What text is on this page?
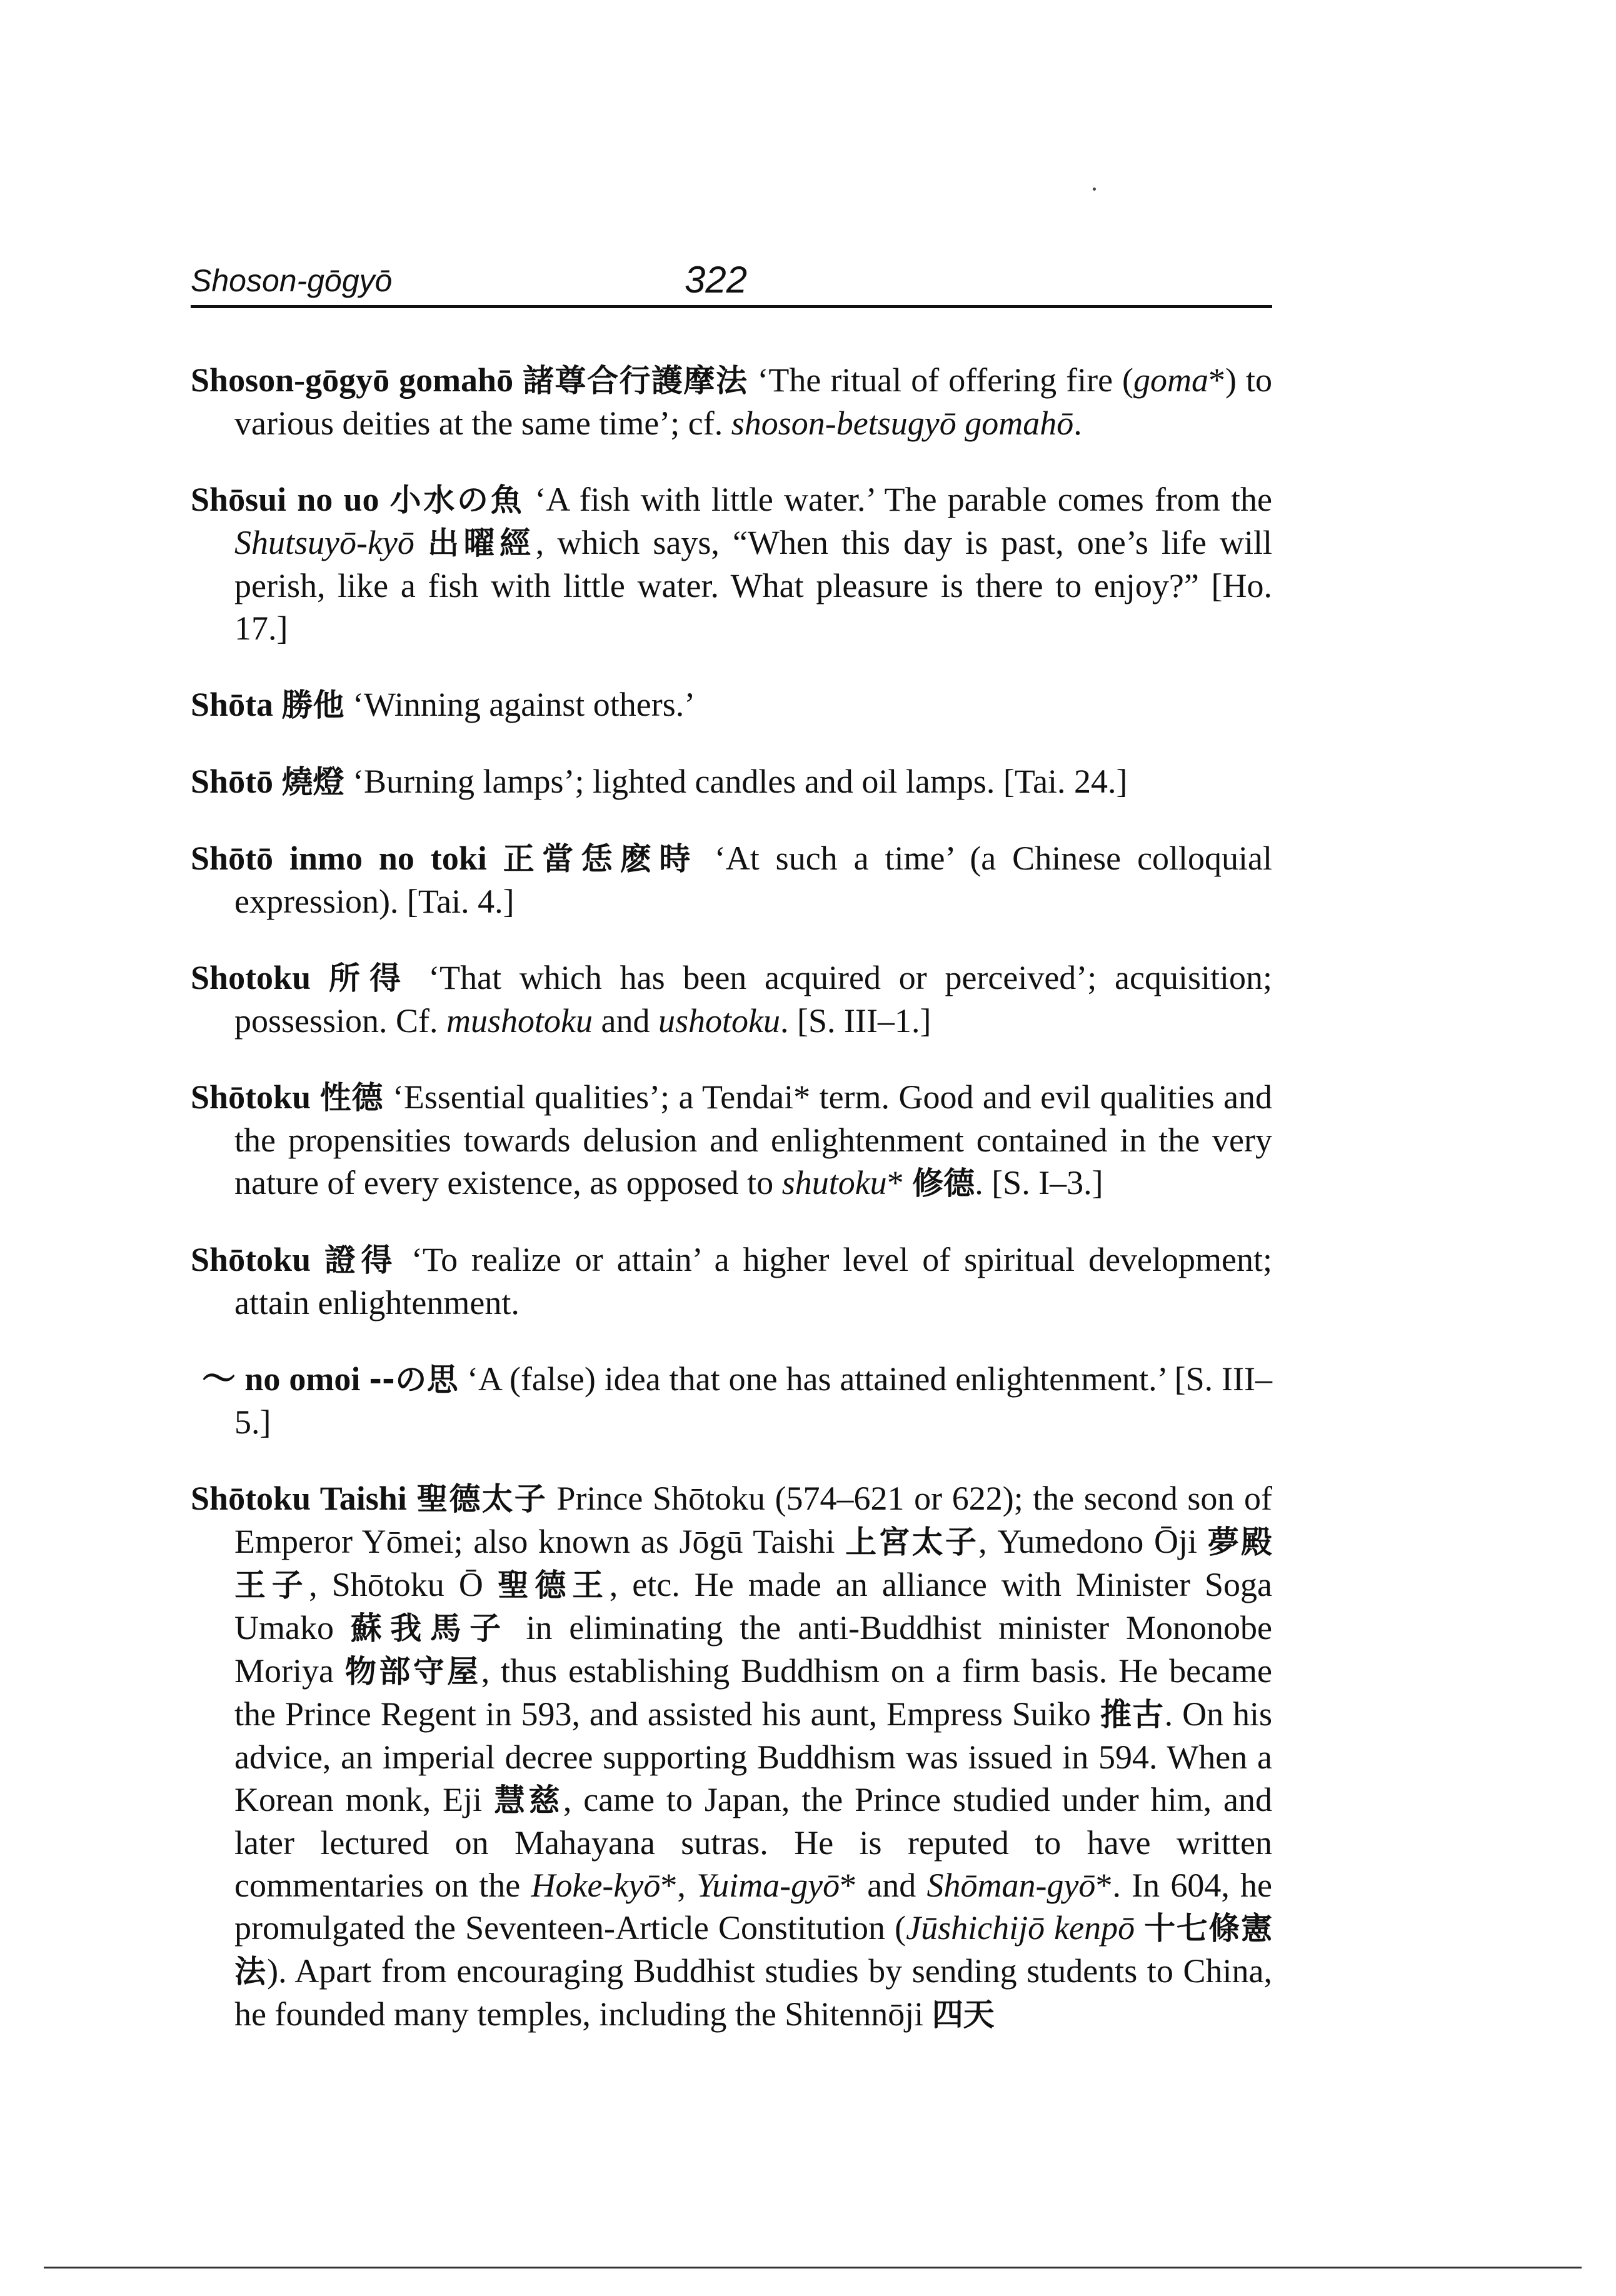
Shoson-gōgyō	322

Shoson-gōgyō gomahō 諸尊合行護摩法 ‘The ritual of offering fire (goma*) to various deities at the same time’; cf. shoson-betsugyō gomahō.

Shōsui no uo 小水の魚 ‘A fish with little water.’ The parable comes from the Shutsuyō-kyō 出曜經, which says, “When this day is past, one’s life will perish, like a fish with little water. What pleasure is there to enjoy?” [Ho. 17.]

Shōta 勝他 ‘Winning against others.’

Shōtō 燒燈 ‘Burning lamps’; lighted candles and oil lamps. [Tai. 24.]

Shōtō inmo no toki 正當恁麽時 ‘At such a time’ (a Chinese colloquial expression). [Tai. 4.]

Shotoku 所得 ‘That which has been acquired or perceived’; acquisition; possession. Cf. mushotoku and ushotoku. [S. III–1.]

Shōtoku 性德 ‘Essential qualities’; a Tendai* term. Good and evil qualities and the propensities towards delusion and enlightenment contained in the very nature of every existence, as opposed to shutoku* 修德. [S. I–3.]

Shōtoku 證得 ‘To realize or attain’ a higher level of spiritual development; attain enlightenment.

～ no omoi --の思 ‘A (false) idea that one has attained enlightenment.’ [S. III–5.]

Shōtoku Taishi 聖德太子 Prince Shōtoku (574–621 or 622); the second son of Emperor Yōmei; also known as Jōgū Taishi 上宮太子, Yumedono Ōji 夢殿王子, Shōtoku Ō 聖德王, etc. He made an alliance with Minister Soga Umako 蘇我馬子 in eliminating the anti-Buddhist minister Mononobe Moriya 物部守屋, thus establishing Buddhism on a firm basis. He became the Prince Regent in 593, and assisted his aunt, Empress Suiko 推古. On his advice, an imperial decree supporting Buddhism was issued in 594. When a Korean monk, Eji 慧慈, came to Japan, the Prince studied under him, and later lectured on Mahayana sutras. He is reputed to have written commentaries on the Hoke-kyō*, Yuima-gyō* and Shōman-gyō*. In 604, he promulgated the Seventeen-Article Constitution (Jūshichijō kenpō 十七條憲法). Apart from encouraging Buddhist studies by sending students to China, he founded many temples, including the Shitennōji 四天
